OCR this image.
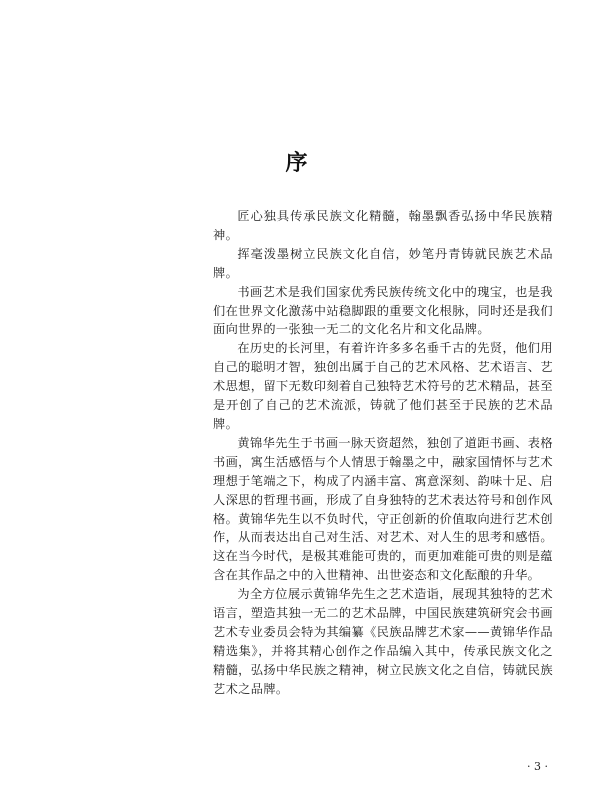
序

匠心独具传承民族文化精髓，翰墨飘香弘扬中华民族精神。

挥毫泼墨树立民族文化自信，妙笔丹青铸就民族艺术品牌。

书画艺术是我们国家优秀民族传统文化中的瑰宝，也是我们在世界文化激荡中站稳脚跟的重要文化根脉，同时还是我们面向世界的一张独一无二的文化名片和文化品牌。

在历史的长河里，有着许许多多名垂千古的先贤，他们用自己的聪明才智，独创出属于自己的艺术风格、艺术语言、艺术思想，留下无数印刻着自己独特艺术符号的艺术精品，甚至是开创了自己的艺术流派，铸就了他们甚至于民族的艺术品牌。

黄锦华先生于书画一脉天资超然，独创了道距书画、表格书画，寓生活感悟与个人情思于翰墨之中，融家国情怀与艺术理想于笔端之下，构成了内涵丰富、寓意深刻、韵味十足、启人深思的哲理书画，形成了自身独特的艺术表达符号和创作风格。黄锦华先生以不负时代，守正创新的价值取向进行艺术创作，从而表达出自己对生活、对艺术、对人生的思考和感悟。这在当今时代，是极其难能可贵的，而更加难能可贵的则是蕴含在其作品之中的入世精神、出世姿态和文化酝酿的升华。

为全方位展示黄锦华先生之艺术造诣，展现其独特的艺术语言，塑造其独一无二的艺术品牌，中国民族建筑研究会书画艺术专业委员会特为其编纂《民族品牌艺术家——黄锦华作品精选集》，并将其精心创作之作品编入其中，传承民族文化之精髓，弘扬中华民族之精神，树立民族文化之自信，铸就民族艺术之品牌。

· 3 ·
